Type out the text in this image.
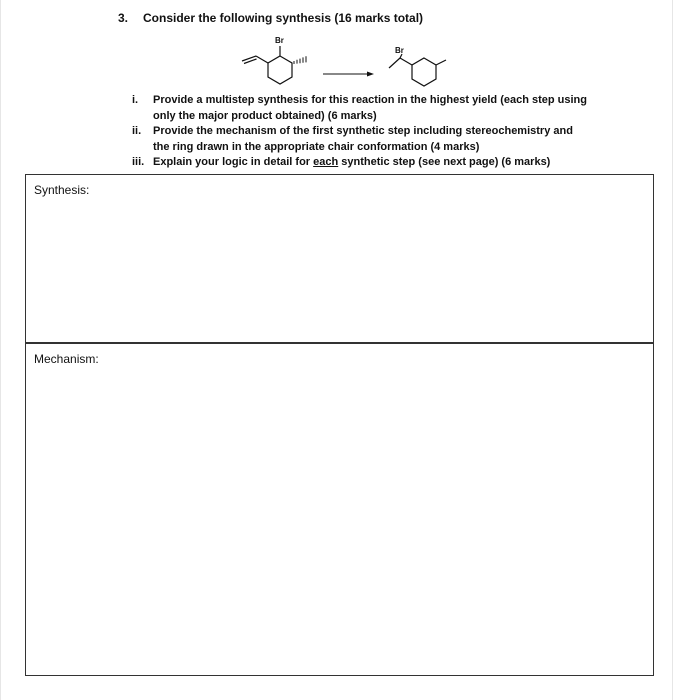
3. Consider the following synthesis (16 marks total)
Br
Br
i.	Provide a multistep synthesis for this reaction in the highest yield (each step using only the major product obtained) (6 marks)
ii.	Provide the mechanism of the first synthetic step including stereochemistry and the ring drawn in the appropriate chair conformation (4 marks)
iii. Explain your logic in detail for each synthetic step (see next page) (6 marks)
Synthesis:
Mechanism:
